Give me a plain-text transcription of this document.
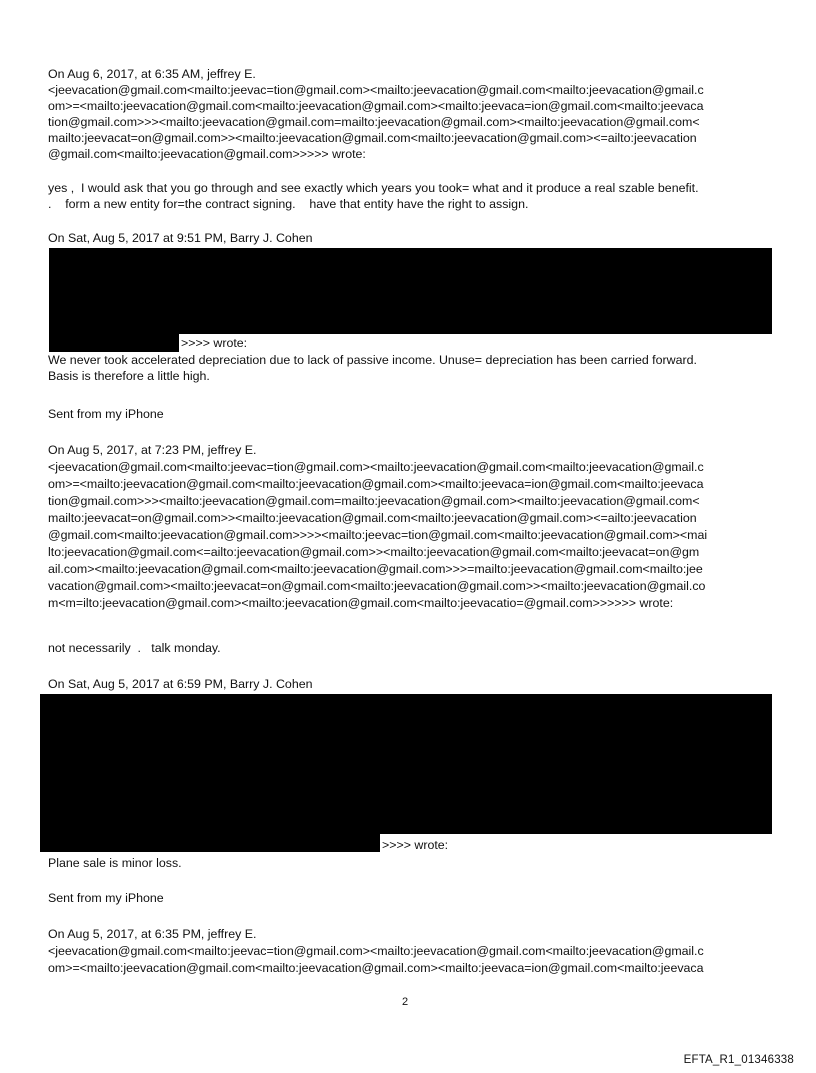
On Aug 6, 2017, at 6:35 AM, jeffrey E.
<jeevacation@gmail.com<mailto:jeevac=tion@gmail.com><mailto:jeevacation@gmail.com<mailto:jeevacation@gmail.c
om>=<mailto:jeevacation@gmail.com<mailto:jeevacation@gmail.com><mailto:jeevaca=ion@gmail.com<mailto:jeevaca
tion@gmail.com>>><mailto:jeevacation@gmail.com=mailto:jeevacation@gmail.com><mailto:jeevacation@gmail.com<
mailto:jeevacat=on@gmail.com>><mailto:jeevacation@gmail.com<mailto:jeevacation@gmail.com><=ailto:jeevacation
@gmail.com<mailto:jeevacation@gmail.com>>>>> wrote:
yes ,  I would ask that you go through and see exactly which years you took= what and it produce a real szable benefit.
.    form a new entity for=the contract signing.    have that entity have the right to assign.
On Sat, Aug 5, 2017 at 9:51 PM, Barry J. Cohen
>>>> wrote:
We never took accelerated depreciation due to lack of passive income. Unuse= depreciation has been carried forward.
Basis is therefore a little high.
Sent from my iPhone
On Aug 5, 2017, at 7:23 PM, jeffrey E.
<jeevacation@gmail.com<mailto:jeevac=tion@gmail.com><mailto:jeevacation@gmail.com<mailto:jeevacation@gmail.c
om>=<mailto:jeevacation@gmail.com<mailto:jeevacation@gmail.com><mailto:jeevaca=ion@gmail.com<mailto:jeevaca
tion@gmail.com>>><mailto:jeevacation@gmail.com=mailto:jeevacation@gmail.com><mailto:jeevacation@gmail.com<
mailto:jeevacat=on@gmail.com>><mailto:jeevacation@gmail.com<mailto:jeevacation@gmail.com><=ailto:jeevacation
@gmail.com<mailto:jeevacation@gmail.com>>>><mailto:jeevac=tion@gmail.com<mailto:jeevacation@gmail.com><mai
lto:jeevacation@gmail.com<=ailto:jeevacation@gmail.com>><mailto:jeevacation@gmail.com<mailto:jeevacat=on@gm
ail.com><mailto:jeevacation@gmail.com<mailto:jeevacation@gmail.com>>>=mailto:jeevacation@gmail.com<mailto:jee
vacation@gmail.com><mailto:jeevacat=on@gmail.com<mailto:jeevacation@gmail.com>><mailto:jeevacation@gmail.co
m<m=ilto:jeevacation@gmail.com><mailto:jeevacation@gmail.com<mailto:jeevacatio=@gmail.com>>>>>> wrote:
not necessarily  .   talk monday.
On Sat, Aug 5, 2017 at 6:59 PM, Barry J. Cohen
>>>> wrote:
Plane sale is minor loss.
Sent from my iPhone
On Aug 5, 2017, at 6:35 PM, jeffrey E.
<jeevacation@gmail.com<mailto:jeevac=tion@gmail.com><mailto:jeevacation@gmail.com<mailto:jeevacation@gmail.c
om>=<mailto:jeevacation@gmail.com<mailto:jeevacation@gmail.com><mailto:jeevaca=ion@gmail.com<mailto:jeevaca
2
EFTA_R1_01346338
